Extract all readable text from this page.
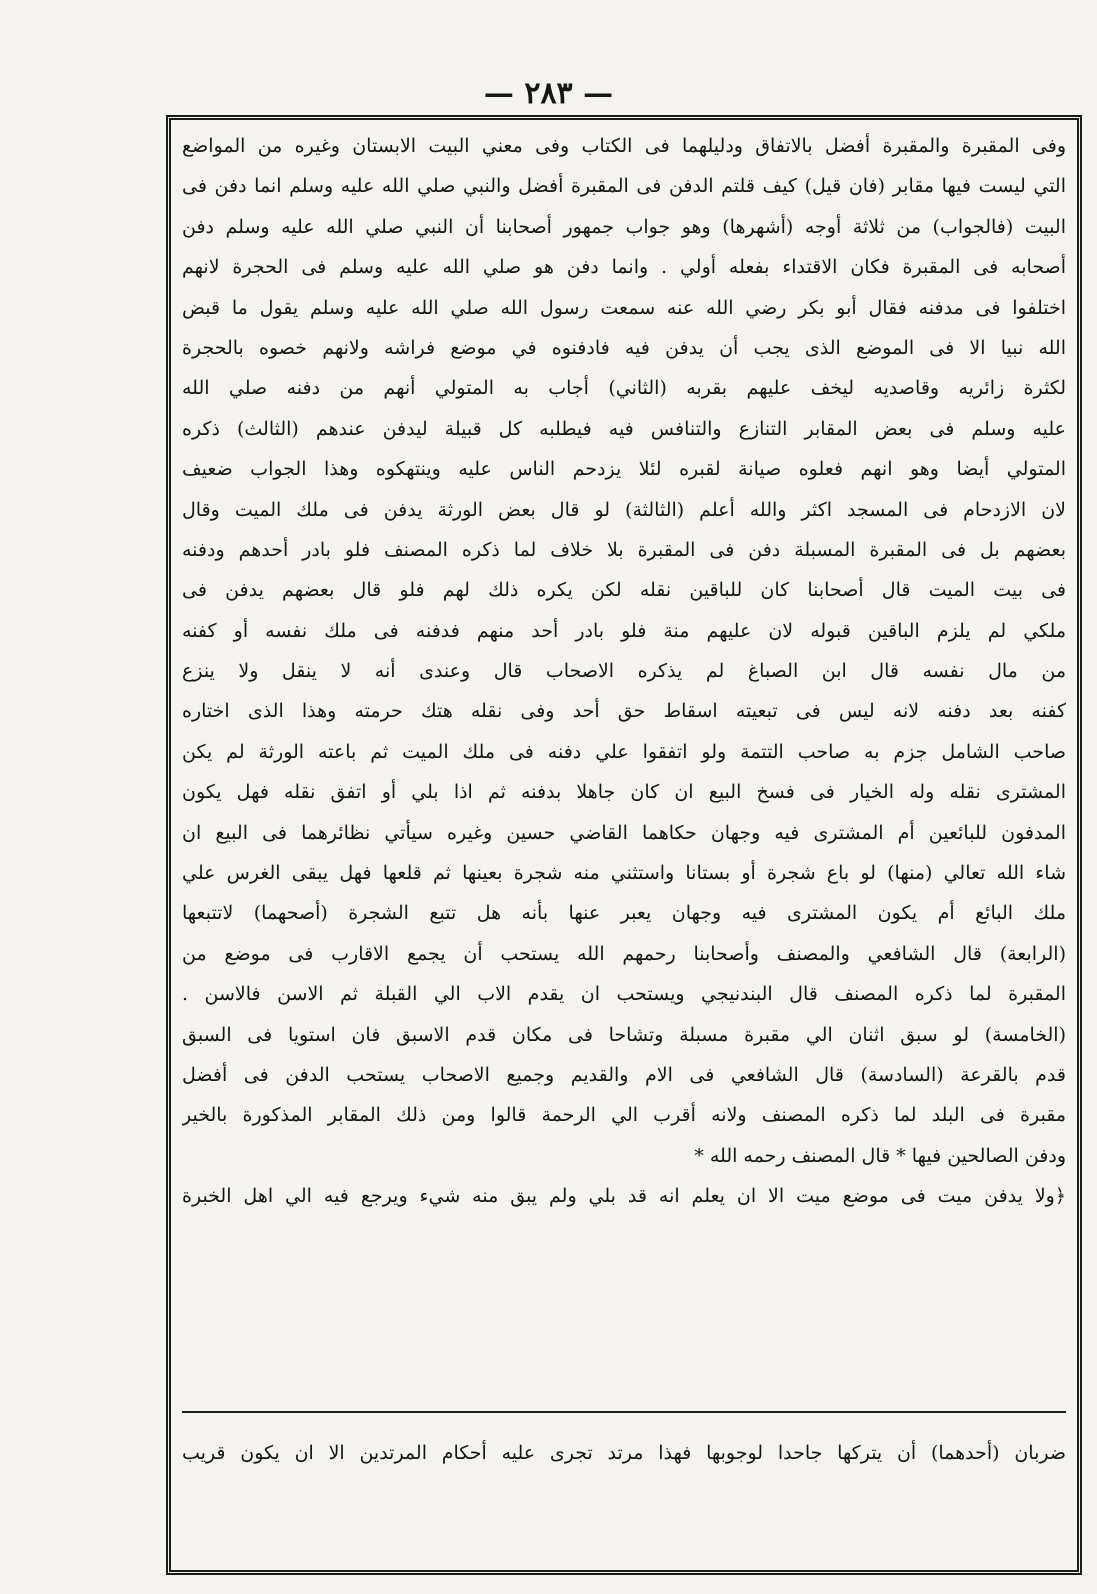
— ٢٨٣ —
وفى المقبرة والمقبرة أفضل بالاتفاق ودليلهما فى الكتاب وفى معني البيت الابستان وغيره من المواضع
التي ليست فيها مقابر (فان قيل) كيف قلتم الدفن فى المقبرة أفضل والنبي صلي الله عليه وسلم انما دفن فى
البيت (فالجواب) من ثلاثة أوجه (أشهرها) وهو جواب جمهور أصحابنا أن النبي صلي الله عليه وسلم دفن
أصحابه فى المقبرة فكان الاقتداء بفعله أولي . وانما دفن هو صلي الله عليه وسلم فى الحجرة لانهم
اختلفوا فى مدفنه فقال أبو بكر رضي الله عنه سمعت رسول الله صلي الله عليه وسلم يقول ما قبض
الله نبيا الا فى الموضع الذى يجب أن يدفن فيه فادفنوه في موضع فراشه ولانهم خصوه بالحجرة
لكثرة زائريه وقاصديه ليخف عليهم بقربه (الثاني) أجاب به المتولي أنهم من دفنه صلي الله
عليه وسلم فى بعض المقابر التنازع والتنافس فيه فيطلبه كل قبيلة ليدفن عندهم (الثالث) ذكره
المتولي أيضا وهو انهم فعلوه صيانة لقبره لئلا يزدحم الناس عليه وينتهكوه وهذا الجواب ضعيف
لان الازدحام فى المسجد اكثر والله أعلم (الثالثة) لو قال بعض الورثة يدفن فى ملك الميت وقال
بعضهم بل فى المقبرة المسبلة دفن فى المقبرة بلا خلاف لما ذكره المصنف فلو بادر أحدهم ودفنه
فى بيت الميت قال أصحابنا كان للباقين نقله لكن يكره ذلك لهم فلو قال بعضهم يدفن فى
ملكي لم يلزم الباقين قبوله لان عليهم منة فلو بادر أحد منهم فدفنه فى ملك نفسه أو كفنه
من مال نفسه قال ابن الصباغ لم يذكره الاصحاب قال وعندى أنه لا ينقل ولا ينزع
كفنه بعد دفنه لانه ليس فى تبعيته اسقاط حق أحد وفى نقله هتك حرمته وهذا الذى اختاره
صاحب الشامل جزم به صاحب التتمة ولو اتفقوا علي دفنه فى ملك الميت ثم باعته الورثة لم يكن
المشترى نقله وله الخيار فى فسخ البيع ان كان جاهلا بدفنه ثم اذا بلي أو اتفق نقله فهل يكون
المدفون للبائعين أم المشترى فيه وجهان حكاهما القاضي حسين وغيره سيأتي نظائرهما فى البيع ان
شاء الله تعالي (منها) لو باع شجرة أو بستانا واستثني منه شجرة بعينها ثم قلعها فهل يبقى الغرس علي
ملك البائع أم يكون المشترى فيه وجهان يعبر عنها بأنه هل تتبع الشجرة (أصحهما) لاتتبعها
(الرابعة) قال الشافعي والمصنف وأصحابنا رحمهم الله يستحب أن يجمع الاقارب فى موضع من
المقبرة لما ذكره المصنف قال البندنيجي ويستحب ان يقدم الاب الي القبلة ثم الاسن فالاسن .
(الخامسة) لو سبق اثنان الي مقبرة مسبلة وتشاحا فى مكان قدم الاسبق فان استويا فى السبق
قدم بالقرعة (السادسة) قال الشافعي فى الام والقديم وجميع الاصحاب يستحب الدفن فى أفضل
مقبرة فى البلد لما ذكره المصنف ولانه أقرب الي الرحمة قالوا ومن ذلك المقابر المذكورة بالخير
ودفن الصالحين فيها * قال المصنف رحمه الله *
﴿ولا يدفن ميت فى موضع ميت الا ان يعلم انه قد بلي ولم يبق منه شيء ويرجع فيه الي اهل الخبرة
ضربان (أحدهما) أن يتركها جاحدا لوجوبها فهذا مرتد تجرى عليه أحكام المرتدين الا ان يكون قريب
